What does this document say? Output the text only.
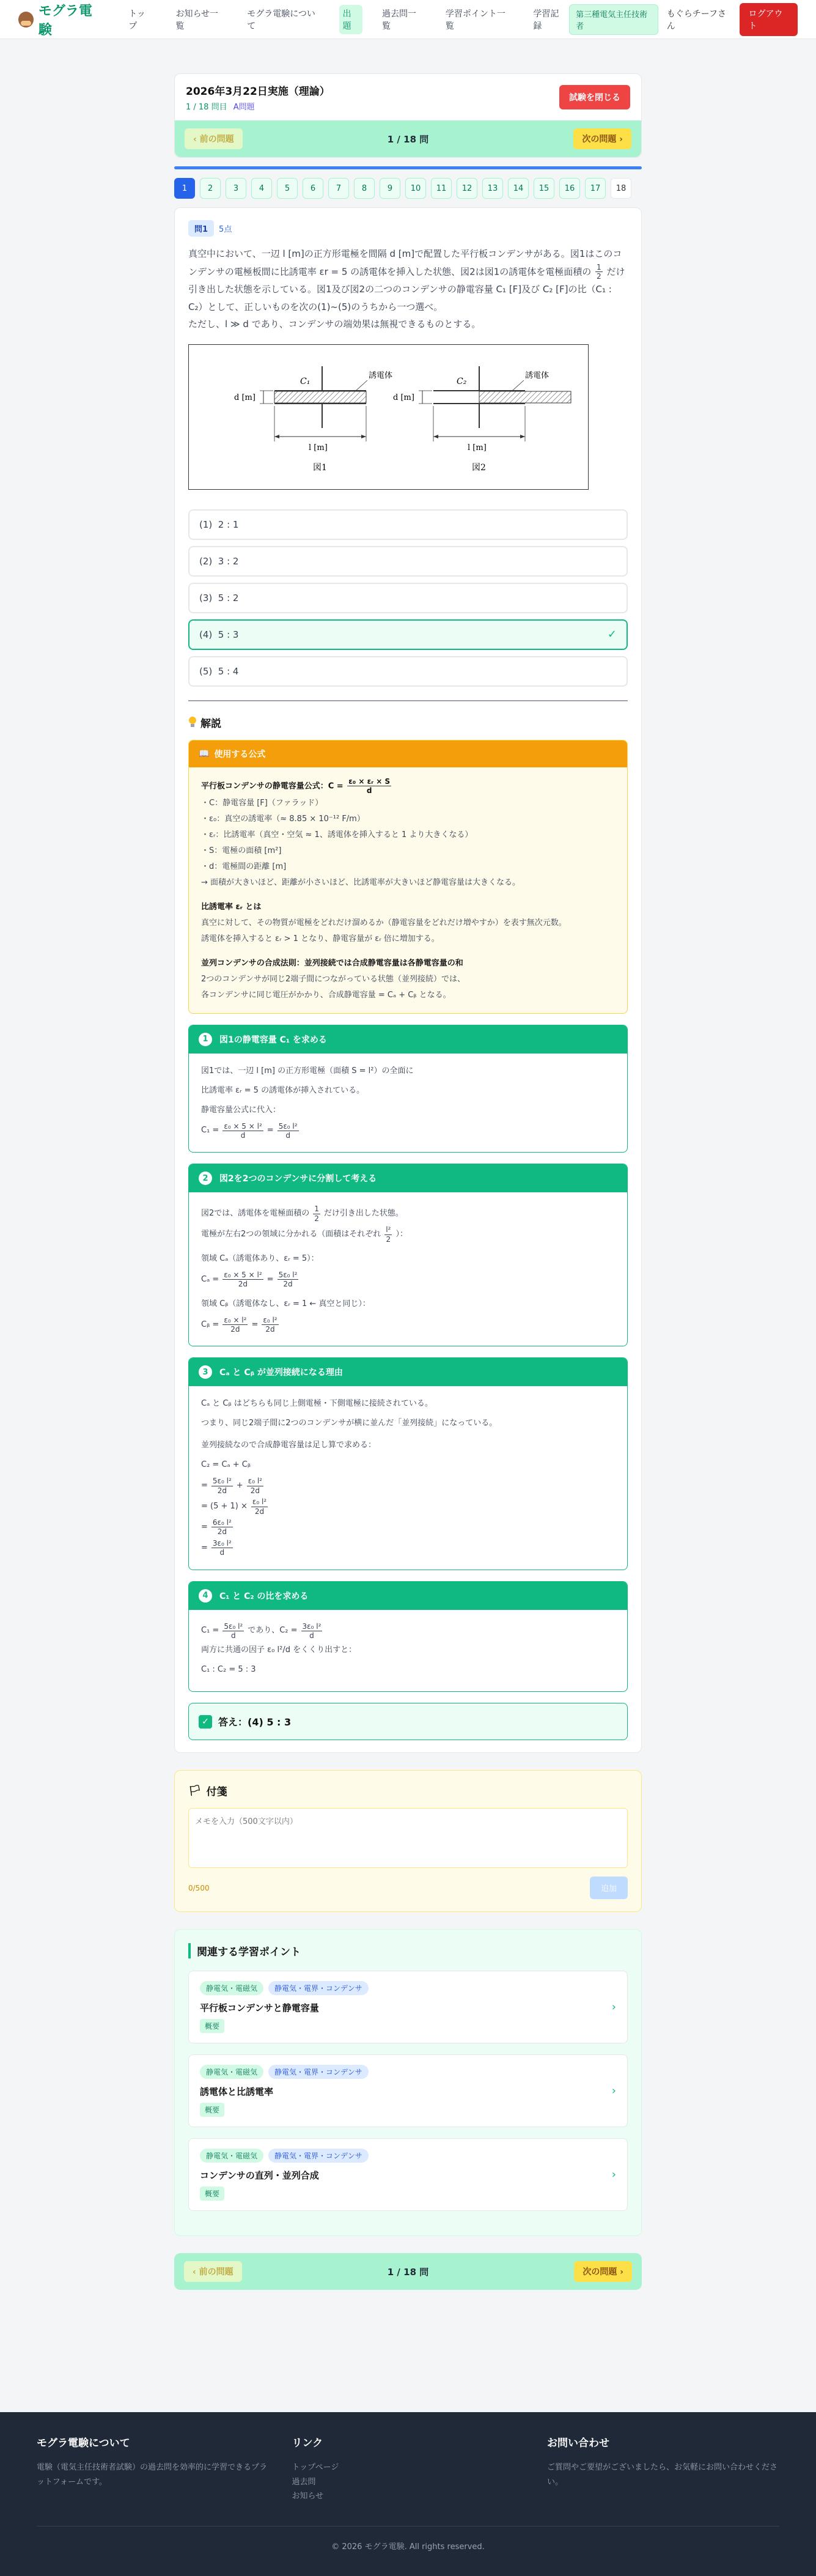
モグラ電験
トップ
お知らせ一覧
モグラ電験について
出題
過去問一覧
学習ポイント一覧
学習記録
第三種電気主任技術者
もぐらチーフさん
ログアウト
2026年3月22日実施（理論）
1 / 18 問目 A問題
試験を閉じる
‹ 前の問題	1 / 18 問	次の問題 ›
1	2	3	4	5	6	7	8	9	10	11	12	13	14	15	16	17	18
問1	5点
真空中において、一辺 l [m]の正方形電極を間隔 d [m]で配置した平行板コンデンサがある。図1はこのコンデンサの電極板間に比誘電率 εr = 5 の誘電体を挿入した状態、図2は図1の誘電体を電極面積の $\frac{1}{2}$ だけ引き出した状態を示している。図1及び図2の二つのコンデンサの静電容量 C₁ [F]及び C₂ [F]の比（C₁ : C₂）として、正しいものを次の(1)~(5)のうちから一つ選べ。
ただし、l ≫ d であり、コンデンサの端効果は無視できるものとする。
C₁
誘電体
d [m]
l [m]
図1
C₂
誘電体
d [m]
l [m]
図2
(1) 2 : 1
(2) 3 : 2
(3) 5 : 2
(4) 5 : 3	✓
(5) 5 : 4
解説
📖 使用する公式
平行板コンデンサの静電容量公式：$C = \frac{\text{ε₀ × εᵣ × S}}{d}$
・C：静電容量 [F]（ファラッド）
・ε₀：真空の誘電率（≈ 8.85 × 10⁻¹² F/m）
・εᵣ：比誘電率（真空・空気 ≈ 1、誘電体を挿入すると 1 より大きくなる）
・S：電極の面積 [m²]
・d：電極間の距離 [m]
→ 面積が大きいほど、距離が小さいほど、比誘電率が大きいほど静電容量は大きくなる。
比誘電率 εᵣ とは
真空に対して、その物質が電極をどれだけ溜めるか（静電容量をどれだけ増やすか）を表す無次元数。
誘電体を挿入すると εᵣ > 1 となり、静電容量が εᵣ 倍に増加する。
並列コンデンサの合成法則：並列接続では合成静電容量は各静電容量の和
2つのコンデンサが同じ2端子間につながっている状態（並列接続）では、
各コンデンサに同じ電圧がかかり、合成静電容量 = Cₐ + Cᵦ となる。
1	図1の静電容量 C₁ を求める

図1では、一辺 l [m] の正方形電極（面積 S = l²）の全面に

比誘電率 εᵣ = 5 の誘電体が挿入されている。

静電容量公式に代入：

$C_1 = \frac{\text{ε₀ × 5 × l²}}{d} = \frac{\text{5ε₀ l²}}{d}$
2	図2を2つのコンデンサに分割して考える
図2では、誘電体を電極面積の $\frac{1}{2}$ だけ引き出した状態。
電極が左右2つの領域に分かれる（面積はそれぞれ $\frac{\text{l²}}{2}$ ）：

領域 Cₐ（誘電体あり、εᵣ = 5）：

$C_a = \frac{\text{ε₀ × 5 × l²}}{2d} = \frac{\text{5ε₀ l²}}{2d}$

領域 Cᵦ（誘電体なし、εᵣ = 1 ← 真空と同じ）：

Cᵦ = $\frac{\text{ε₀ × l²}}{2d} = \frac{\text{ε₀ l²}}{2d}$
3	Cₐ と Cᵦ が並列接続になる理由

Cₐ と Cᵦ はどちらも同じ上側電極・下側電極に接続されている。

つまり、同じ2端子間に2つのコンデンサが横に並んだ「並列接続」になっている。

並列接続なので合成静電容量は足し算で求める：

C₂ = Cₐ + Cᵦ

= $\frac{\text{5ε₀ l²}}{2d} + \frac{\text{ε₀ l²}}{2d}$
= $(5 + 1) \times \frac{\text{ε₀ l²}}{2d}$
= $\frac{\text{6ε₀ l²}}{2d}$
= $\frac{\text{3ε₀ l²}}{d}$
4	C₁ と C₂ の比を求める
$C_1 = \frac{\text{5ε₀ l²}}{d}$ であり、$C_2 = \frac{\text{3ε₀ l²}}{d}$

両方に共通の因子 ε₀ l²/d をくくり出すと：

C₁ : C₂ = 5 : 3

✓ 答え：(4) 5 : 3
🏳 付箋
メモを入力（500文字以内）
0/500	追加
関連する学習ポイント
静電気・電磁気	静電気・電界・コンデンサ
平行板コンデンサと静電容量
概要
›
静電気・電磁気	静電気・電界・コンデンサ
誘電体と比誘電率
概要
›
静電気・電磁気	静電気・電界・コンデンサ
コンデンサの直列・並列合成
概要
›
‹ 前の問題	1 / 18 問	次の問題 ›
モグラ電験について

電験（電気主任技術者試験）の過去問を効率的に学習できるプラットフォームです。

リンク
トップページ
過去問
お知らせ
お問い合わせ

ご質問やご要望がございましたら、お気軽にお問い合わせください。

© 2026 モグラ電験. All rights reserved.
